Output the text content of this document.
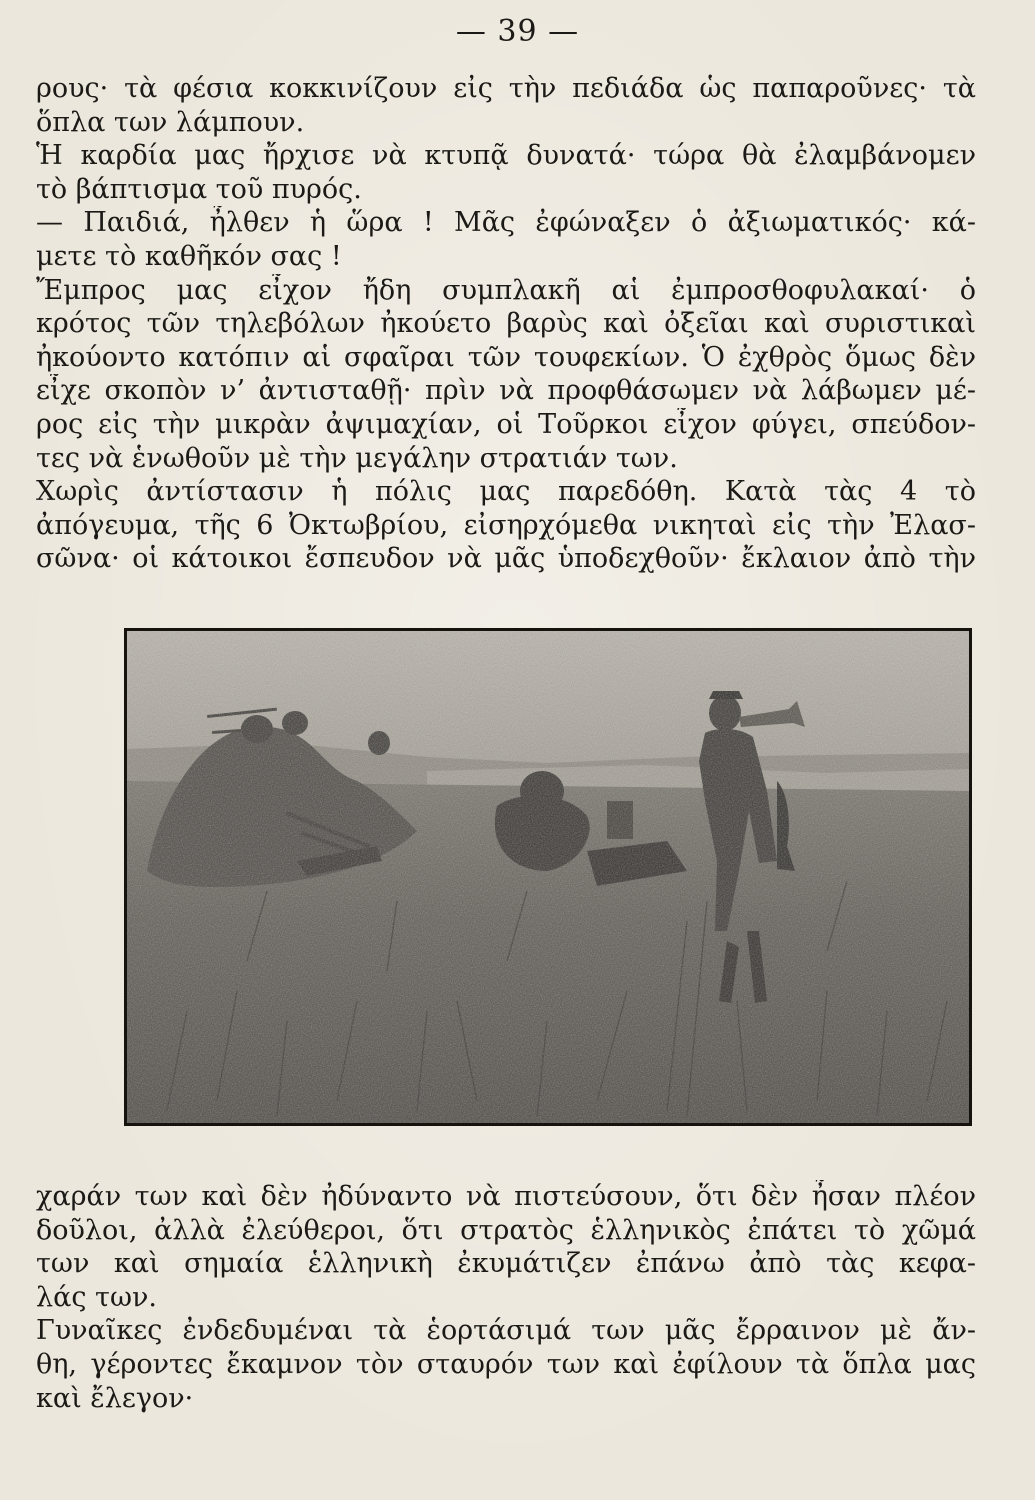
— 39 —
ρους· τὰ φέσια κοκκινίζουν εἰς τὴν πεδιάδα ὡς παπαροῦνες· τὰ
ὅπλα των λάμπουν.
Ἡ καρδία μας ἤρχισε νὰ κτυπᾷ δυνατά· τώρα θὰ ἐλαμβάνομεν
τὸ βάπτισμα τοῦ πυρός.
— Παιδιά, ἦλθεν ἡ ὥρα ! Μᾶς ἐφώναξεν ὁ ἀξιωματικός· κά-
μετε τὸ καθῆκόν σας !
Ἔμπρος μας εἶχον ἤδη συμπλακῆ αἱ ἐμπροσθοφυλακαί· ὁ
κρότος τῶν τηλεβόλων ἠκούετο βαρὺς καὶ ὀξεῖαι καὶ συριστικαὶ
ἠκούοντο κατόπιν αἱ σφαῖραι τῶν τουφεκίων. Ὁ ἐχθρὸς ὅμως δὲν
εἶχε σκοπὸν ν’ ἀντισταθῇ· πρὶν νὰ προφθάσωμεν νὰ λάβωμεν μέ-
ρος εἰς τὴν μικρὰν ἀψιμαχίαν, οἱ Τοῦρκοι εἶχον φύγει, σπεύδον-
τες νὰ ἑνωθοῦν μὲ τὴν μεγάλην στρατιάν των.
Χωρὶς ἀντίστασιν ἡ πόλις μας παρεδόθη. Κατὰ τὰς 4 τὸ
ἀπόγευμα, τῆς 6 Ὀκτωβρίου, εἰσηρχόμεθα νικηταὶ εἰς τὴν Ἐλασ-
σῶνα· οἱ κάτοικοι ἔσπευδον νὰ μᾶς ὑποδεχθοῦν· ἔκλαιον ἀπὸ τὴν
χαράν των καὶ δὲν ἠδύναντο νὰ πιστεύσουν, ὅτι δὲν ἦσαν πλέον
δοῦλοι, ἀλλὰ ἐλεύθεροι, ὅτι στρατὸς ἑλληνικὸς ἐπάτει τὸ χῶμά
των καὶ σημαία ἑλληνικὴ ἐκυμάτιζεν ἐπάνω ἀπὸ τὰς κεφα-
λάς των.
Γυναῖκες ἐνδεδυμέναι τὰ ἑορτάσιμά των μᾶς ἔρραινον μὲ ἄν-
θη, γέροντες ἔκαμνον τὸν σταυρόν των καὶ ἐφίλουν τὰ ὅπλα μας
καὶ ἔλεγον·
